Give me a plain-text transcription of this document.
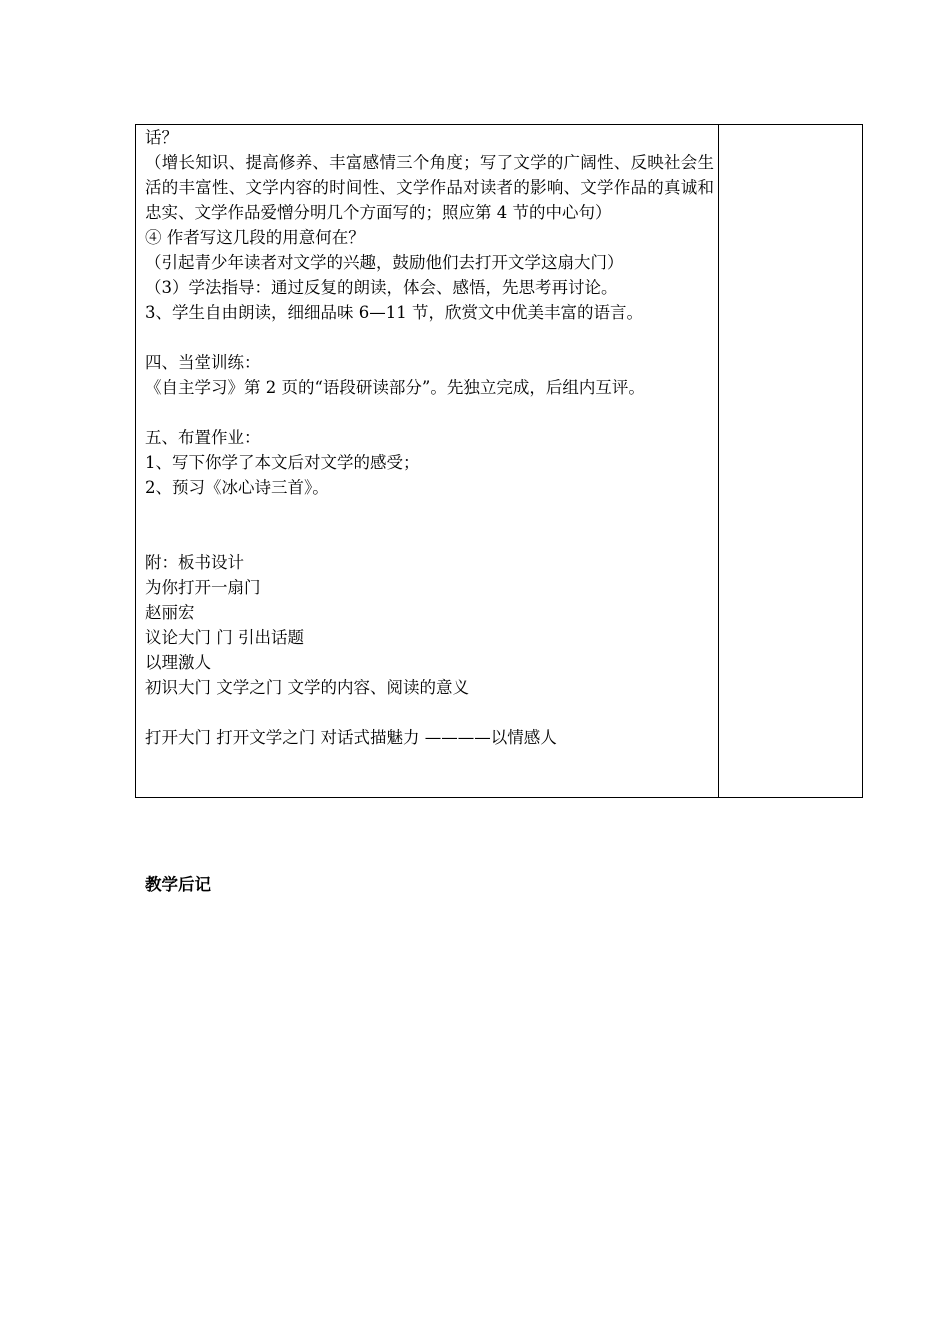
话？
（增长知识、提高修养、丰富感情三个角度；写了文学的广阔性、反映社会生活的丰富性、文学内容的时间性、文学作品对读者的影响、文学作品的真诚和忠实、文学作品爱憎分明几个方面写的；照应第 4 节的中心句）
④ 作者写这几段的用意何在？
（引起青少年读者对文学的兴趣，鼓励他们去打开文学这扇大门）
（3）学法指导：通过反复的朗读，体会、感悟，先思考再讨论。
3、学生自由朗读，细细品味 6—11 节，欣赏文中优美丰富的语言。
四、当堂训练：
《自主学习》第 2 页的“语段研读部分”。先独立完成，后组内互评。
五、布置作业：
1、写下你学了本文后对文学的感受；
2、预习《冰心诗三首》。
附：板书设计
为你打开一扇门
赵丽宏
议论大门 门 引出话题
以理激人
初识大门 文学之门 文学的内容、阅读的意义
打开大门 打开文学之门 对话式描魅力 ————以情感人

教学后记
